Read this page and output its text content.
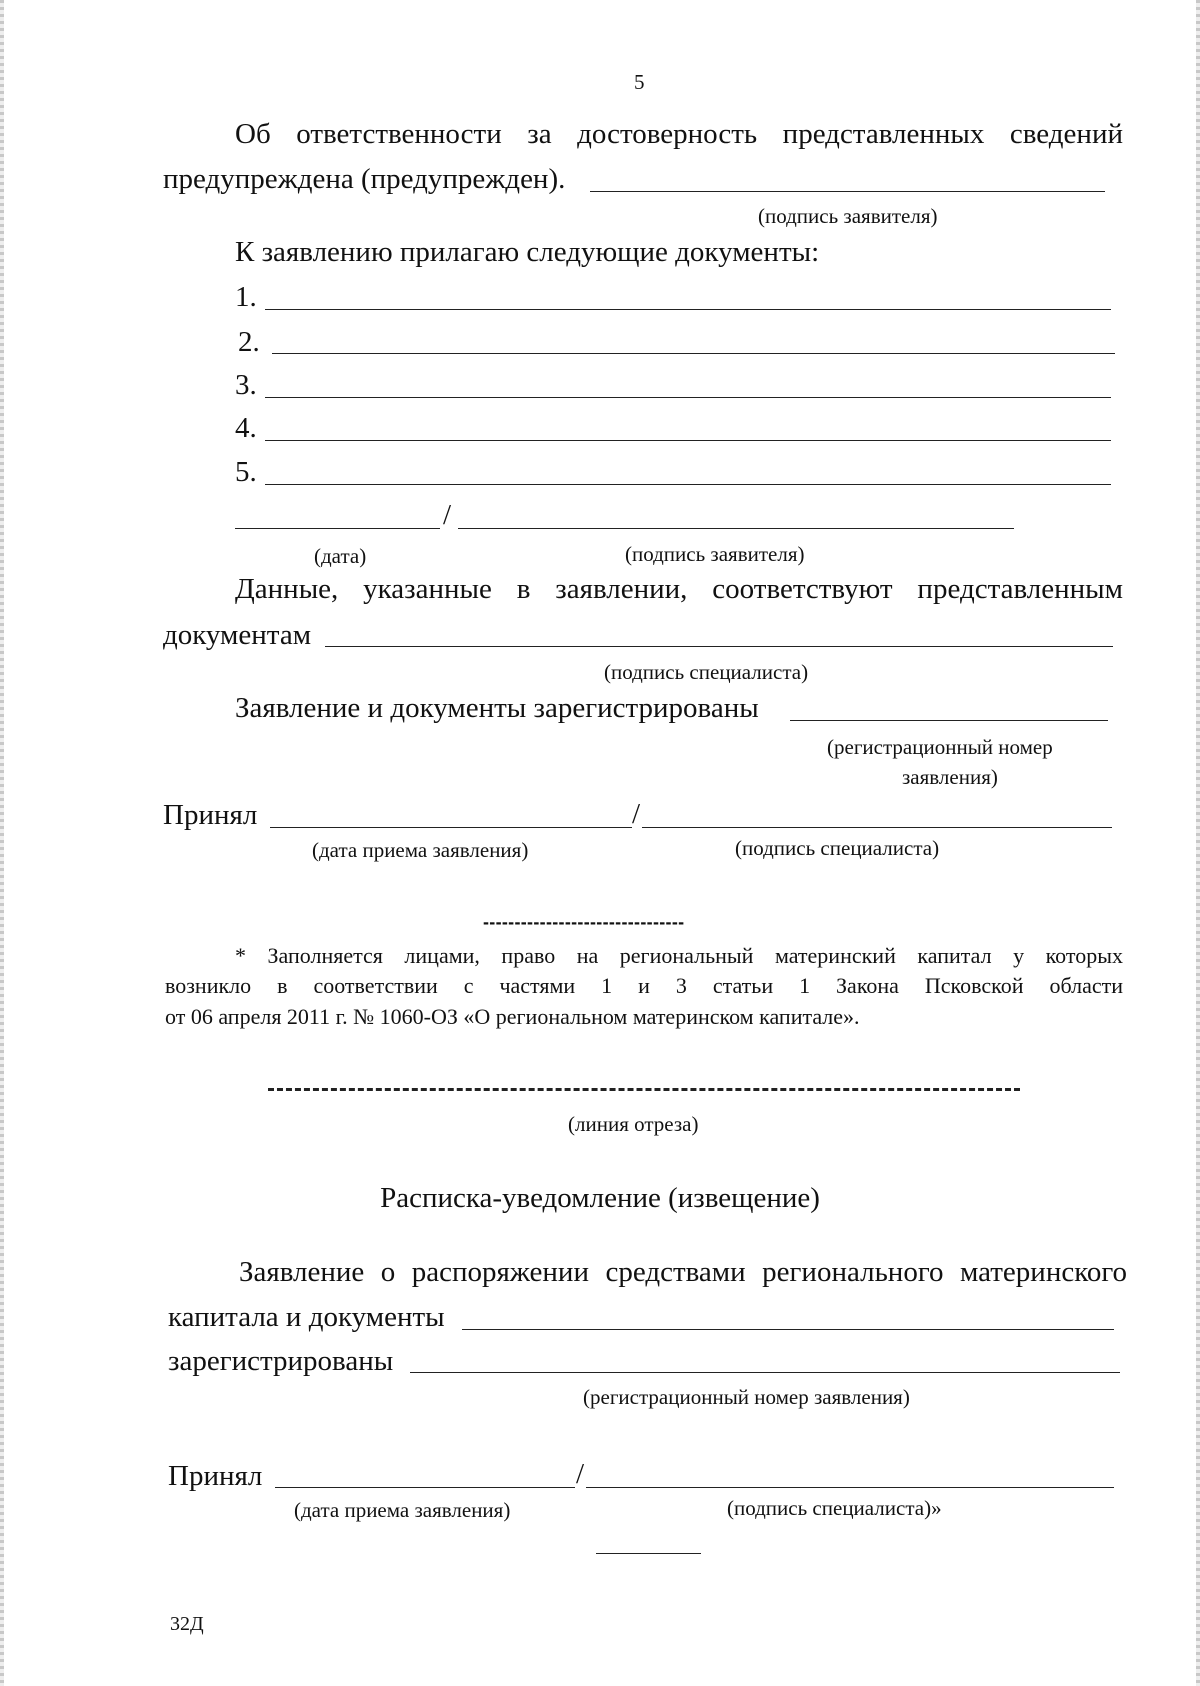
5
Об ответственности за достоверность представленных сведений
предупреждена (предупрежден).
(подпись заявителя)
К заявлению прилагаю следующие документы:
1.
2.
3.
4.
5.
/
(дата)	(подпись заявителя)
Данные, указанные в заявлении, соответствуют представленным
документам
(подпись специалиста)
Заявление и документы зарегистрированы
(регистрационный номер
заявления)
Принял	/
(дата приема заявления)	(подпись специалиста)
--------------------------------
* Заполняется лицами, право на региональный материнский капитал у которых
возникло в соответствии с частями 1 и 3 статьи 1 Закона Псковской области
от 06 апреля 2011 г. № 1060-ОЗ «О региональном материнском капитале».
(линия отреза)
Расписка-уведомление (извещение)
Заявление о распоряжении средствами регионального материнского
капитала и документы
зарегистрированы
(регистрационный номер заявления)
Принял	/
(дата приема заявления)	(подпись специалиста)»
32Д
